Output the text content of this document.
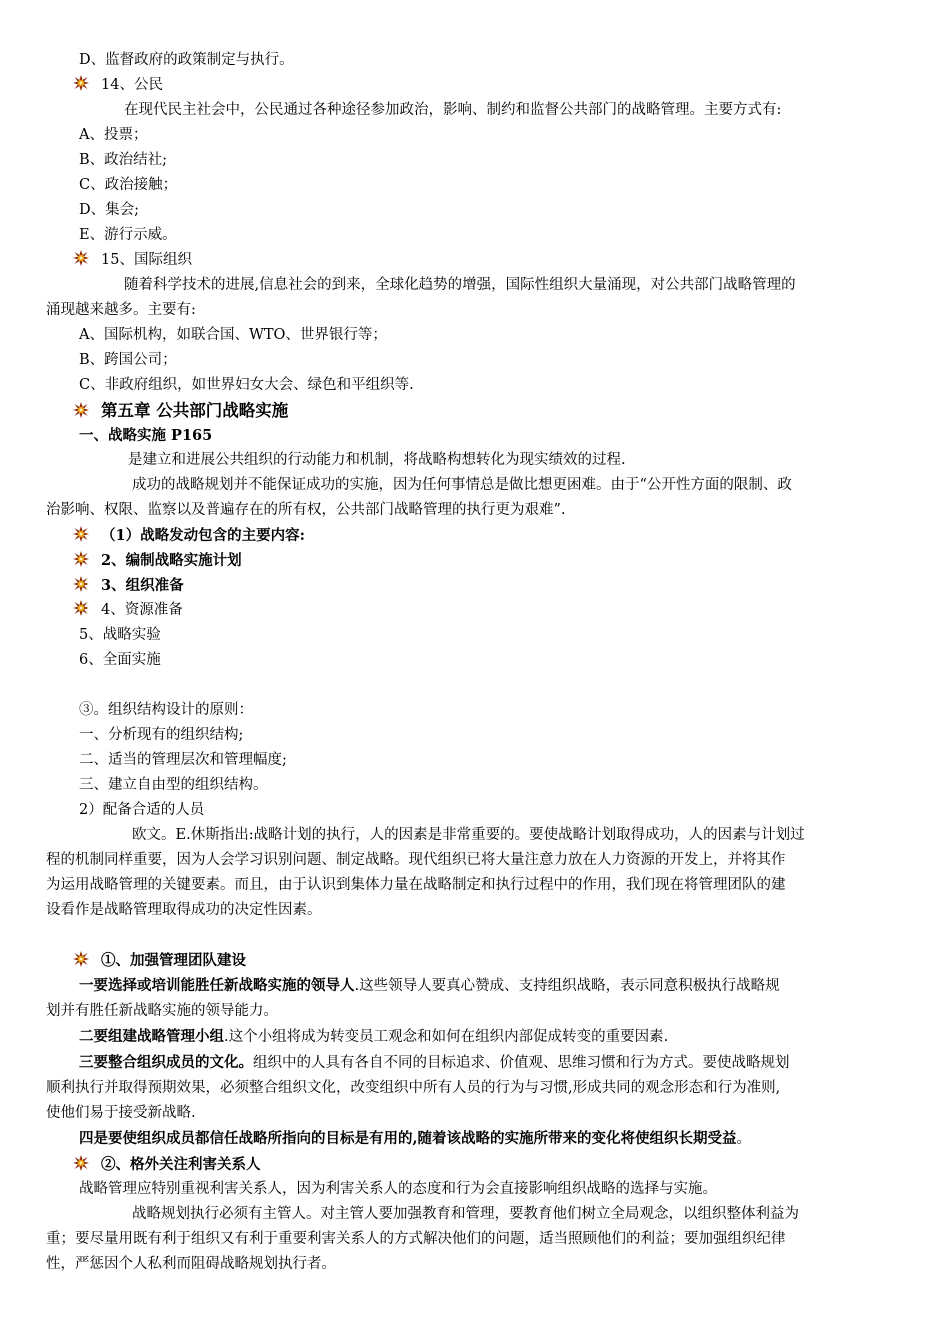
D、监督政府的政策制定与执行。
14、公民
在现代民主社会中，公民通过各种途径参加政治，影响、制约和监督公共部门的战略管理。主要方式有:
A、投票；
B、政治结社;
C、政治接触；
D、集会;
E、游行示威。
15、国际组织
随着科学技术的进展,信息社会的到来，全球化趋势的增强，国际性组织大量涌现，对公共部门战略管理的
涌现越来越多。主要有:
A、国际机构，如联合国、WTO、世界银行等；
B、跨国公司；
C、非政府组织，如世界妇女大会、绿色和平组织等.
第五章 公共部门战略实施
一、战略实施 P165
是建立和进展公共组织的行动能力和机制，将战略构想转化为现实绩效的过程.
成功的战略规划并不能保证成功的实施，因为任何事情总是做比想更困难。由于“公开性方面的限制、政
治影响、权限、监察以及普遍存在的所有权，公共部门战略管理的执行更为艰难”.
（1）战略发动包含的主要内容:
2、编制战略实施计划
3、组织准备
4、资源准备
5、战略实验
6、全面实施
③。组织结构设计的原则：
一、分析现有的组织结构;
二、适当的管理层次和管理幅度;
三、建立自由型的组织结构。
2）配备合适的人员
欧文。E.休斯指出:战略计划的执行，人的因素是非常重要的。要使战略计划取得成功，人的因素与计划过
程的机制同样重要，因为人会学习识别问题、制定战略。现代组织已将大量注意力放在人力资源的开发上，并将其作
为运用战略管理的关键要素。而且，由于认识到集体力量在战略制定和执行过程中的作用，我们现在将管理团队的建
设看作是战略管理取得成功的决定性因素。
①、加强管理团队建设
一要选择或培训能胜任新战略实施的领导人.这些领导人要真心赞成、支持组织战略，表示同意积极执行战略规
划并有胜任新战略实施的领导能力。
二要组建战略管理小组.这个小组将成为转变员工观念和如何在组织内部促成转变的重要因素.
三要整合组织成员的文化。组织中的人具有各自不同的目标追求、价值观、思维习惯和行为方式。要使战略规划
顺利执行并取得预期效果，必须整合组织文化，改变组织中所有人员的行为与习惯,形成共同的观念形态和行为准则,
使他们易于接受新战略.
四是要使组织成员都信任战略所指向的目标是有用的,随着该战略的实施所带来的变化将使组织长期受益。
②、格外关注利害关系人
战略管理应特别重视利害关系人，因为利害关系人的态度和行为会直接影响组织战略的选择与实施。
战略规划执行必须有主管人。对主管人要加强教育和管理，要教育他们树立全局观念，以组织整体利益为
重；要尽量用既有利于组织又有利于重要利害关系人的方式解决他们的问题，适当照顾他们的利益；要加强组织纪律
性，严惩因个人私利而阻碍战略规划执行者。
